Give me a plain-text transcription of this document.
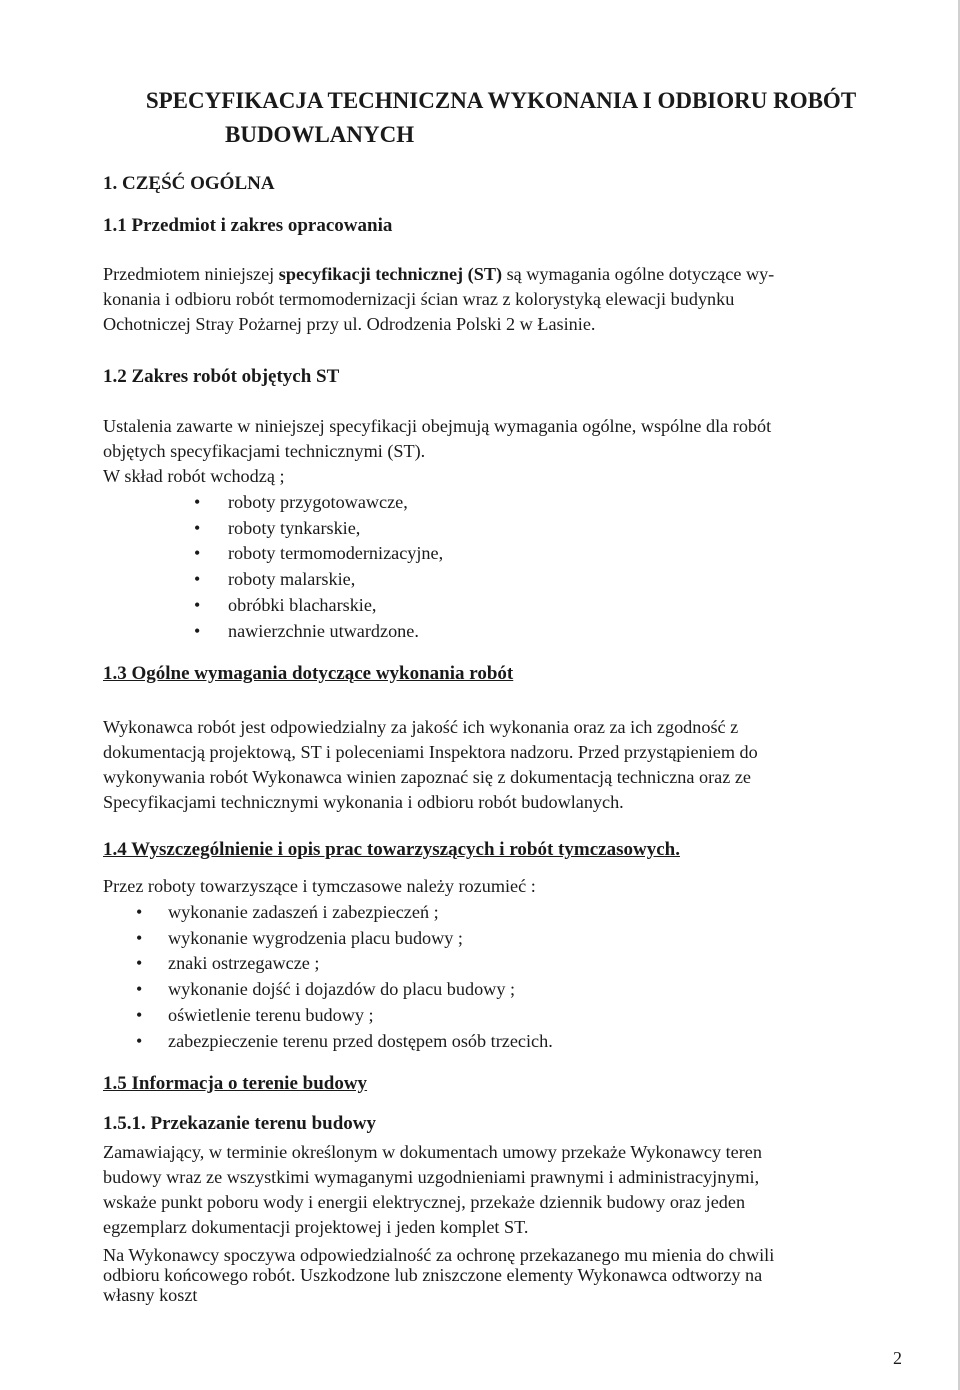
SPECYFIKACJA TECHNICZNA WYKONANIA I ODBIORU ROBÓT
BUDOWLANYCH

1. CZĘŚĆ OGÓLNA

1.1 Przedmiot i zakres opracowania

Przedmiotem niniejszej specyfikacji technicznej (ST) są wymagania ogólne dotyczące wy-
konania i odbioru robót termomodernizacji ścian wraz z kolorystyką elewacji budynku
Ochotniczej Stray Pożarnej przy ul. Odrodzenia Polski 2 w Łasinie.

1.2 Zakres robót objętych ST

Ustalenia zawarte w niniejszej specyfikacji obejmują wymagania ogólne, wspólne dla robót
objętych specyfikacjami technicznymi (ST).
W skład robót wchodzą ;
• roboty przygotowawcze,
• roboty tynkarskie,
• roboty termomodernizacyjne,
• roboty malarskie,
• obróbki blacharskie,
• nawierzchnie utwardzone.

1.3 Ogólne wymagania dotyczące wykonania robót

Wykonawca robót jest odpowiedzialny za jakość ich wykonania oraz za ich zgodność z
dokumentacją projektową, ST i poleceniami Inspektora nadzoru. Przed przystąpieniem do
wykonywania robót Wykonawca winien zapoznać się z dokumentacją techniczna oraz ze
Specyfikacjami technicznymi wykonania i odbioru robót budowlanych.

1.4 Wyszczególnienie i opis prac towarzyszących i robót tymczasowych.

Przez roboty towarzyszące i tymczasowe należy rozumieć :

• wykonanie zadaszeń i zabezpieczeń ;
• wykonanie wygrodzenia placu budowy ;
• znaki ostrzegawcze ;
• wykonanie dojść i dojazdów do placu budowy ;
• oświetlenie terenu budowy ;
• zabezpieczenie terenu przed dostępem osób trzecich.

1.5 Informacja o terenie budowy

1.5.1. Przekazanie terenu budowy

Zamawiający, w terminie określonym w dokumentach umowy przekaże Wykonawcy teren
budowy wraz ze wszystkimi wymaganymi uzgodnieniami prawnymi i administracyjnymi,
wskaże punkt poboru wody i energii elektrycznej, przekaże dziennik budowy oraz jeden
egzemplarz dokumentacji projektowej i jeden komplet ST.
Na Wykonawcy spoczywa odpowiedzialność za ochronę przekazanego mu mienia do chwili
odbioru końcowego robót. Uszkodzone lub zniszczone elementy Wykonawca odtworzy na
własny koszt
2
